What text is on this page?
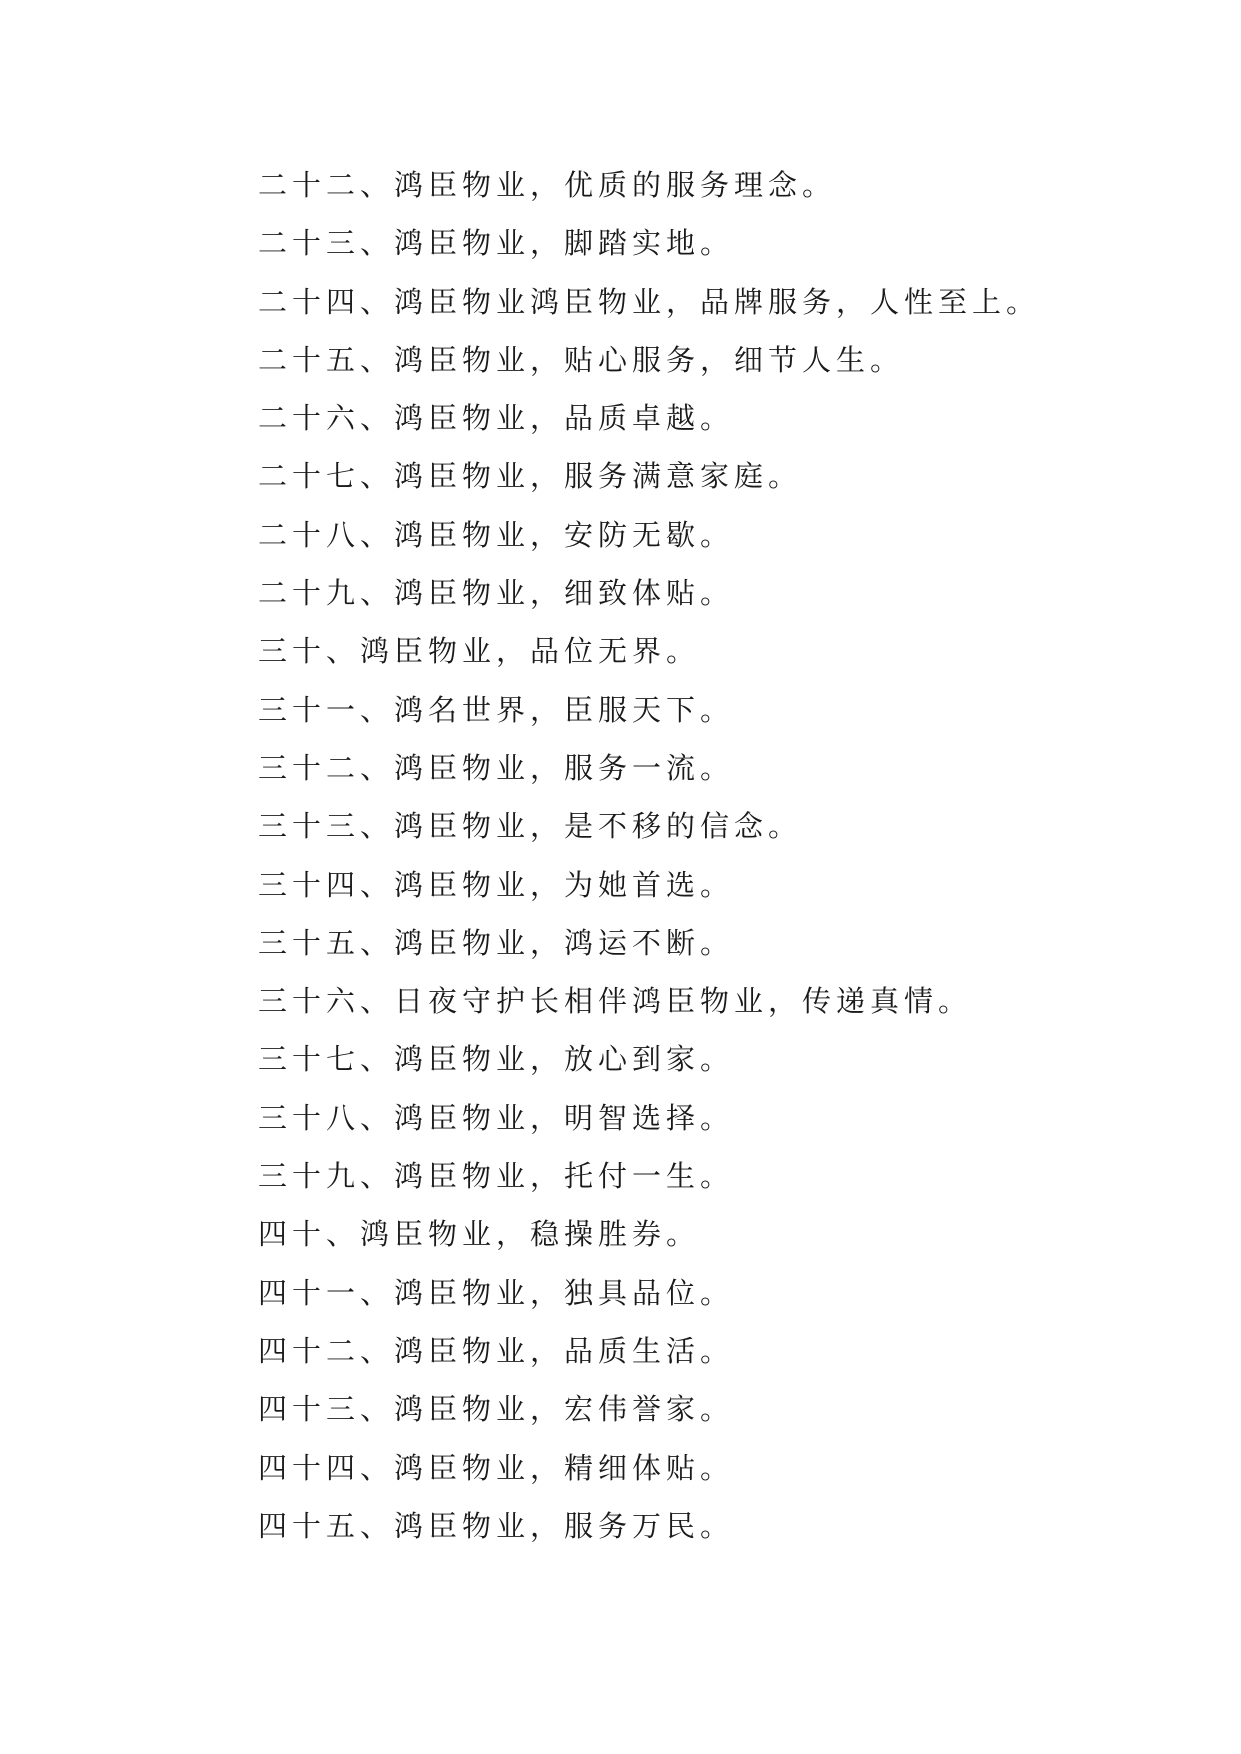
二十二、鸿臣物业，优质的服务理念。
二十三、鸿臣物业，脚踏实地。
二十四、鸿臣物业鸿臣物业，品牌服务，人性至上。
二十五、鸿臣物业，贴心服务，细节人生。
二十六、鸿臣物业，品质卓越。
二十七、鸿臣物业，服务满意家庭。
二十八、鸿臣物业，安防无歇。
二十九、鸿臣物业，细致体贴。
三十、鸿臣物业，品位无界。
三十一、鸿名世界，臣服天下。
三十二、鸿臣物业，服务一流。
三十三、鸿臣物业，是不移的信念。
三十四、鸿臣物业，为她首选。
三十五、鸿臣物业，鸿运不断。
三十六、日夜守护长相伴鸿臣物业，传递真情。
三十七、鸿臣物业，放心到家。
三十八、鸿臣物业，明智选择。
三十九、鸿臣物业，托付一生。
四十、鸿臣物业，稳操胜券。
四十一、鸿臣物业，独具品位。
四十二、鸿臣物业，品质生活。
四十三、鸿臣物业，宏伟誉家。
四十四、鸿臣物业，精细体贴。
四十五、鸿臣物业，服务万民。
